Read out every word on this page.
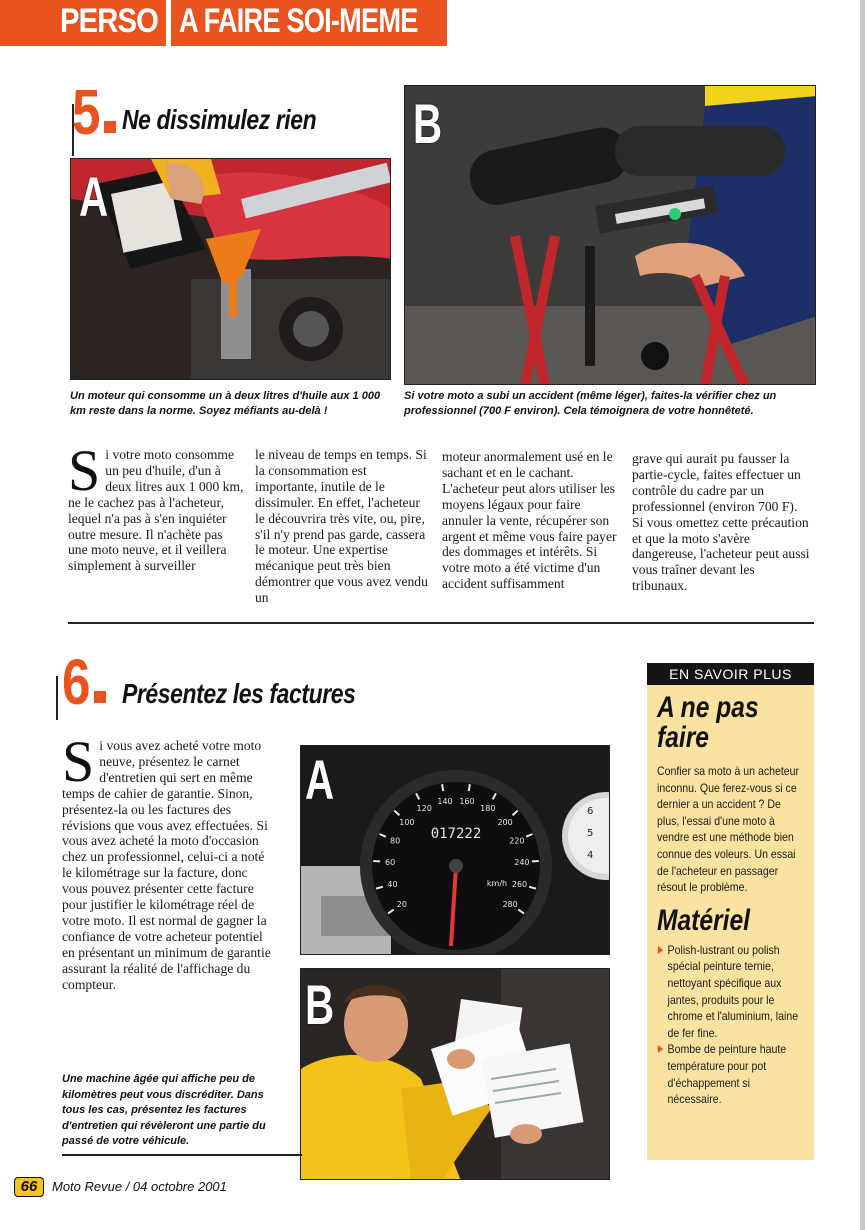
PERSO A FAIRE SOI-MEME
5 Ne dissimulez rien
A
B
Un moteur qui consomme un à deux litres d'huile aux 1 000 km reste dans la norme. Soyez méfiants au-delà !
Si votre moto a subi un accident (même léger), faites-la vérifier chez un professionnel (700 F environ). Cela témoignera de votre honnêteté.

Si votre moto consomme un peu d'huile, d'un à deux litres aux 1 000 km, ne le cachez pas à l'acheteur, lequel n'a pas à s'en inquiéter outre mesure. Il n'achète pas une moto neuve, et il veillera simplement à surveiller

le niveau de temps en temps. Si la consommation est importante, inutile de le dissimuler. En effet, l'acheteur le découvrira très vite, ou, pire, s'il n'y prend pas garde, cassera le moteur. Une expertise mécanique peut très bien démontrer que vous avez vendu un

moteur anormalement usé en le sachant et en le cachant. L'acheteur peut alors utiliser les moyens légaux pour faire annuler la vente, récupérer son argent et même vous faire payer des dommages et intérêts. Si votre moto a été victime d'un accident suffisamment

grave qui aurait pu fausser la partie-cycle, faites effectuer un contrôle du cadre par un professionnel (environ 700 F). Si vous omettez cette précaution et que la moto s'avère dangereuse, l'acheteur peut aussi vous traîner devant les tribunaux.

6 Présentez les factures

Si vous avez acheté votre moto neuve, présentez le carnet d'entretien qui sert en même temps de cahier de garantie. Sinon, présentez-la ou les factures des révisions que vous avez effectuées. Si vous avez acheté la moto d'occasion chez un professionnel, celui-ci a noté le kilométrage sur la facture, donc vous pouvez présenter cette facture pour justifier le kilométrage réel de votre moto. Il est normal de gagner la confiance de votre acheteur potentiel en présentant un minimum de garantie assurant la réalité de l'affichage du compteur.

Une machine âgée qui affiche peu de kilomètres peut vous discréditer. Dans tous les cas, présentez les factures d'entretien qui révèleront une partie du passé de votre véhicule.
20
40
60
80
100
120
140 160
180
200
220
240
260
280
6
5
4
017222
km/h
A
B
EN SAVOIR PLUS
A ne pas faire
Confier sa moto à un acheteur inconnu. Que ferez-vous si ce dernier a un accident ? De plus, l'essai d'une moto à vendre est une méthode bien connue des voleurs. Un essai de l'acheteur en passager résout le problème.
Matériel
Polish-lustrant ou polish spécial peinture ternie, nettoyant spécifique aux jantes, produits pour le chrome et l'aluminium, laine de fer fine.
Bombe de peinture haute température pour pot d'échappement si nécessaire.
66	Moto Revue / 04 octobre 2001
